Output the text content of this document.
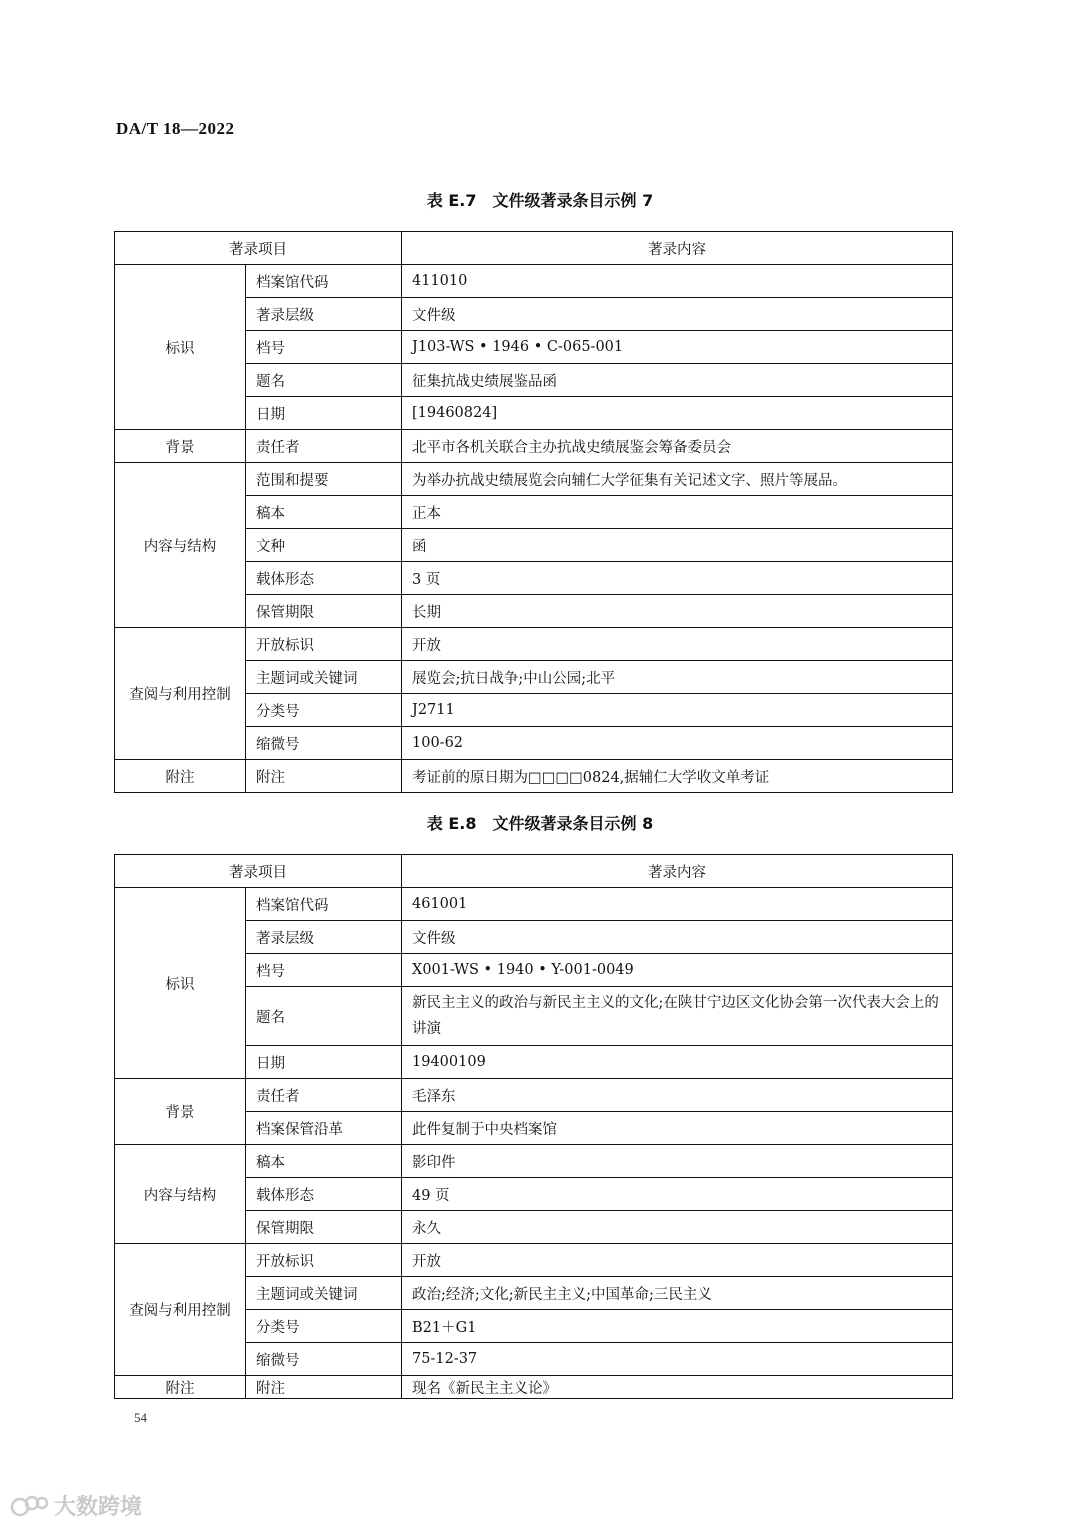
DA/T 18—2022
表 E.7　文件级著录条目示例 7
著录项目		著录内容
标识	档案馆代码	411010
	著录层级	文件级
	档号	J103-WS • 1946 • C-065-001
	题名	征集抗战史绩展鉴品函
	日期	[19460824]
背景	责任者	北平市各机关联合主办抗战史绩展鉴会筹备委员会
内容与结构	范围和提要	为举办抗战史绩展览会向辅仁大学征集有关记述文字、照片等展品。
	稿本	正本
	文种	函
	载体形态	3 页
	保管期限	长期
查阅与利用控制	开放标识	开放
	主题词或关键词	展览会;抗日战争;中山公园;北平
	分类号	J2711
	缩微号	100-62
附注	附注	考证前的原日期为□□□□0824,据辅仁大学收文单考证
表 E.8　文件级著录条目示例 8
著录项目		著录内容
标识	档案馆代码	461001
	著录层级	文件级
	档号	X001-WS • 1940 • Y-001-0049
	题名	新民主主义的政治与新民主主义的文化;在陕甘宁边区文化协会第一次代表大会上的讲演
	日期	19400109
背景	责任者	毛泽东
	档案保管沿革	此件复制于中央档案馆
内容与结构	稿本	影印件
	载体形态	49 页
	保管期限	永久
查阅与利用控制	开放标识	开放
	主题词或关键词	政治;经济;文化;新民主主义;中国革命;三民主义
	分类号	B21＋G1
	缩微号	75-12-37
附注	附注	现名《新民主主义论》
54
大数跨境
